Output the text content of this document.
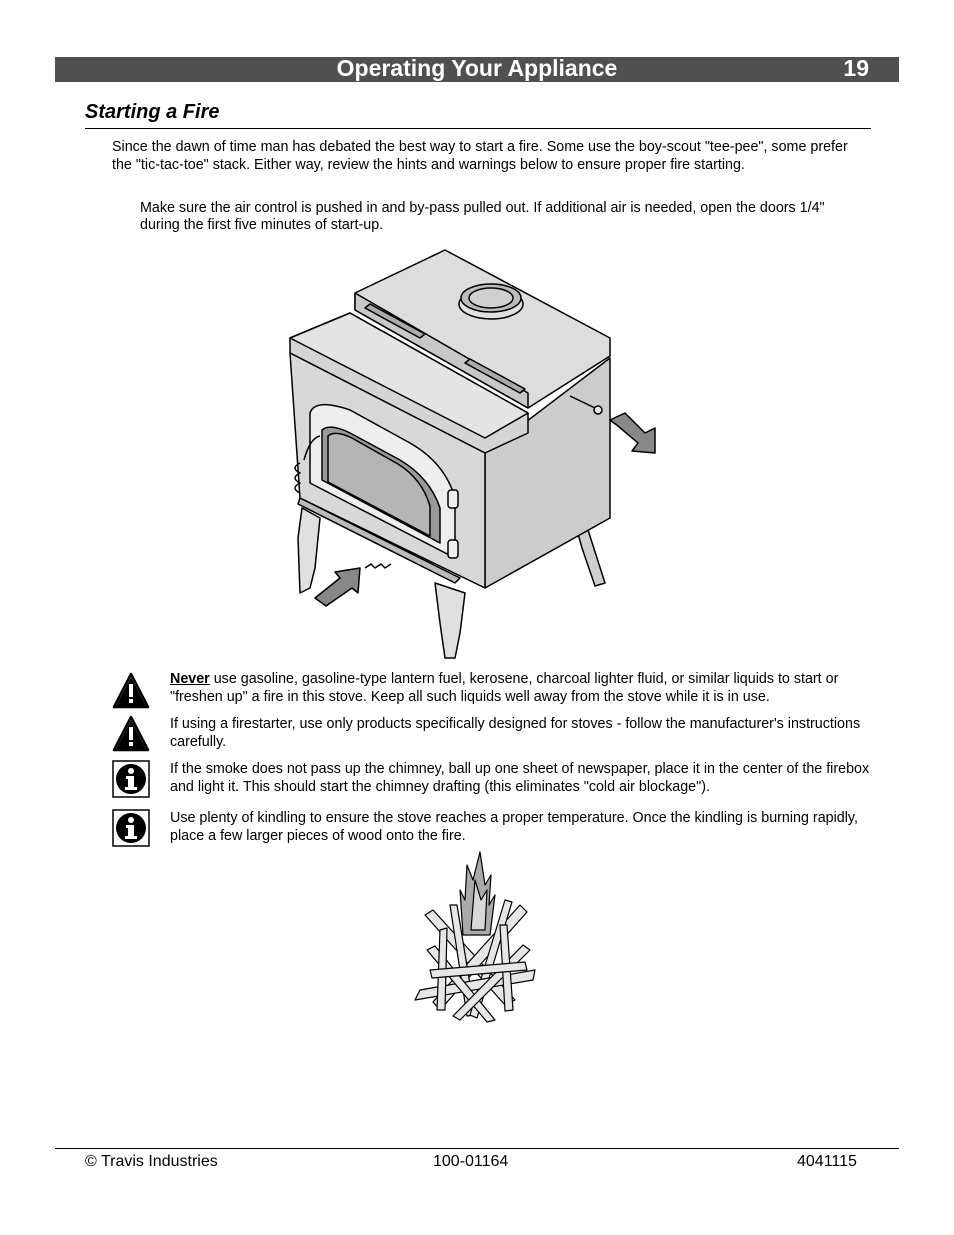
Operating Your Appliance	19
Starting a Fire
Since the dawn of time man has debated the best way to start a fire. Some use the boy-scout "tee-pee", some prefer the "tic-tac-toe" stack. Either way, review the hints and warnings below to ensure proper fire starting.
Make sure the air control is pushed in and by-pass pulled out. If additional air is needed, open the doors 1/4" during the first five minutes of start-up.
Never use gasoline, gasoline-type lantern fuel, kerosene, charcoal lighter fluid, or similar liquids to start or "freshen up" a fire in this stove. Keep all such liquids well away from the stove while it is in use.
If using a firestarter, use only products specifically designed for stoves - follow the manufacturer's instructions carefully.
If the smoke does not pass up the chimney, ball up one sheet of newspaper, place it in the center of the firebox and light it. This should start the chimney drafting (this eliminates "cold air blockage").
Use plenty of kindling to ensure the stove reaches a proper temperature. Once the kindling is burning rapidly, place a few larger pieces of wood onto the fire.
© Travis Industries	100-01164	4041115
